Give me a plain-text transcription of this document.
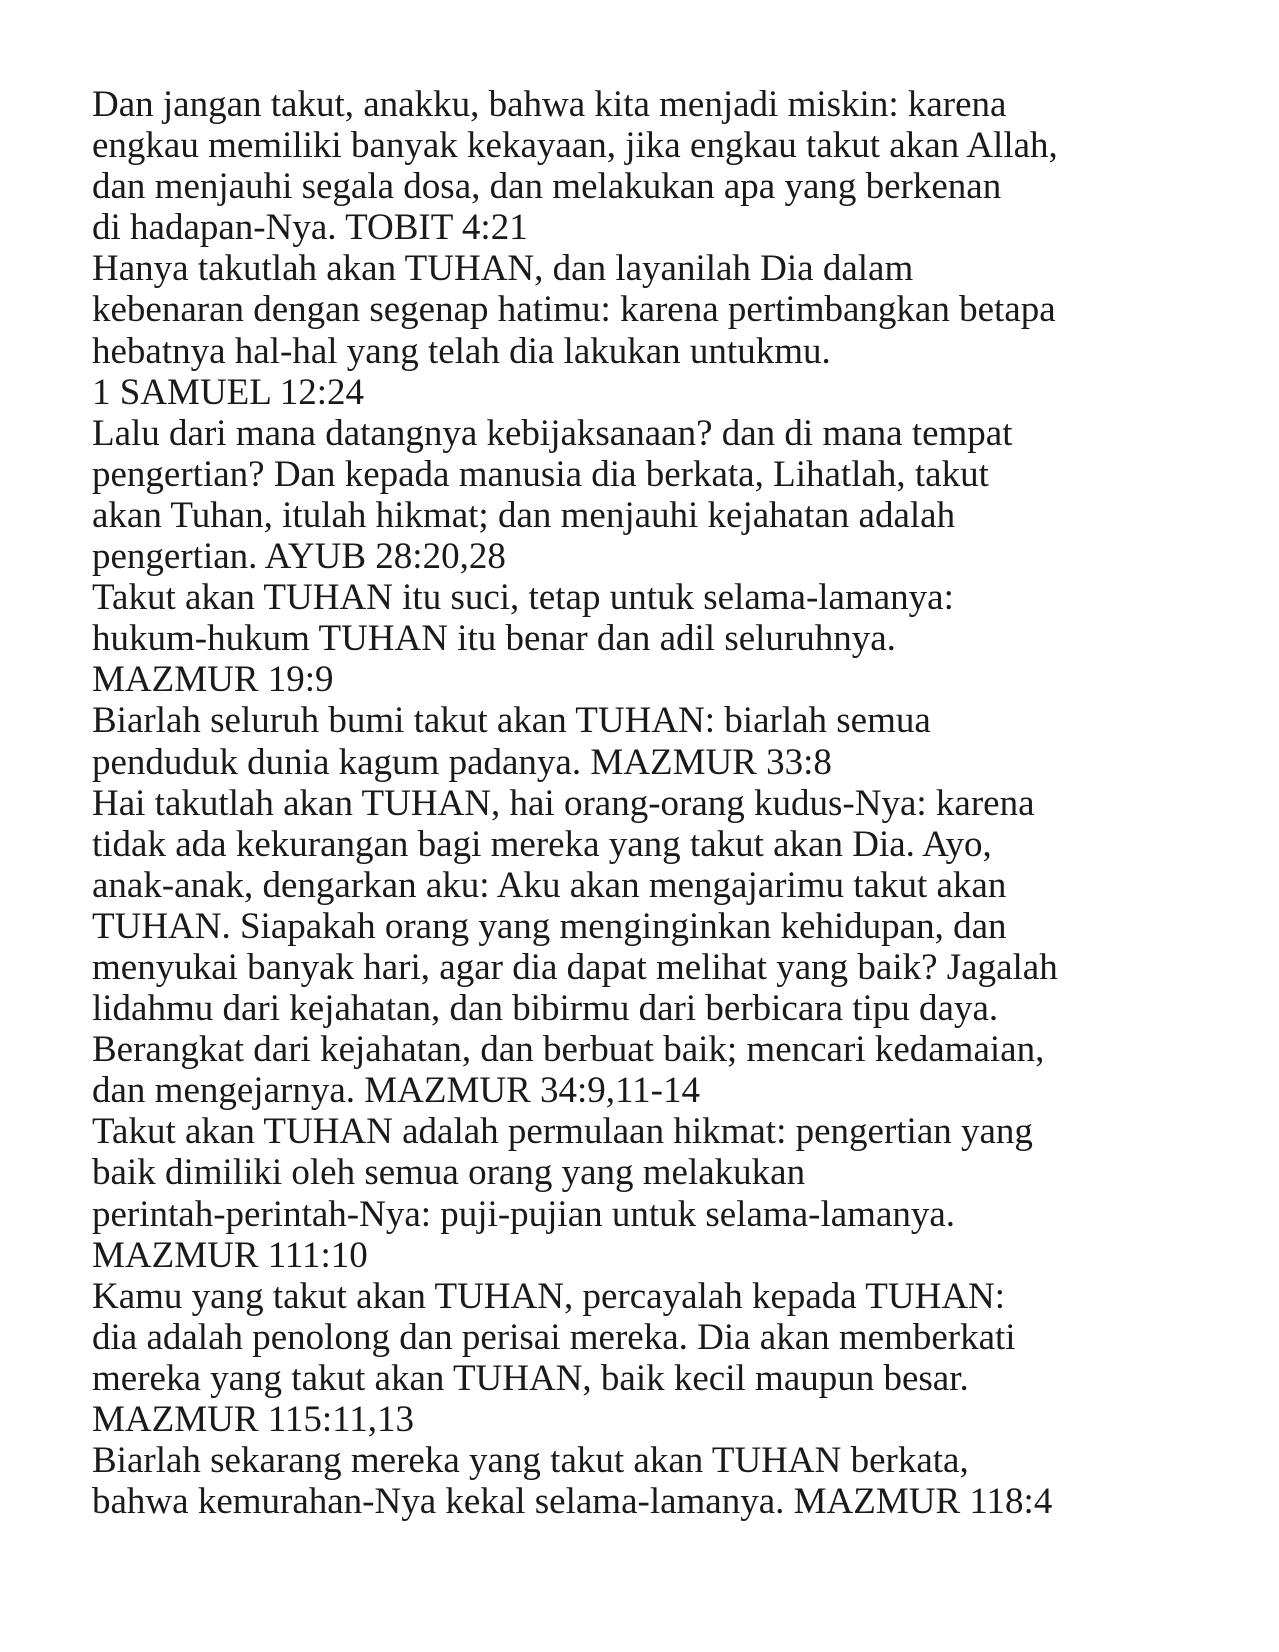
Dan jangan takut, anakku, bahwa kita menjadi miskin: karena
engkau memiliki banyak kekayaan, jika engkau takut akan Allah,
dan menjauhi segala dosa, dan melakukan apa yang berkenan
di hadapan-Nya. TOBIT 4:21
Hanya takutlah akan TUHAN, dan layanilah Dia dalam
kebenaran dengan segenap hatimu: karena pertimbangkan betapa
hebatnya hal-hal yang telah dia lakukan untukmu.
1 SAMUEL 12:24
Lalu dari mana datangnya kebijaksanaan? dan di mana tempat
pengertian? Dan kepada manusia dia berkata, Lihatlah, takut
akan Tuhan, itulah hikmat; dan menjauhi kejahatan adalah
pengertian. AYUB 28:20,28
Takut akan TUHAN itu suci, tetap untuk selama-lamanya:
hukum-hukum TUHAN itu benar dan adil seluruhnya.
MAZMUR 19:9
Biarlah seluruh bumi takut akan TUHAN: biarlah semua
penduduk dunia kagum padanya. MAZMUR 33:8
Hai takutlah akan TUHAN, hai orang-orang kudus-Nya: karena
tidak ada kekurangan bagi mereka yang takut akan Dia. Ayo,
anak-anak, dengarkan aku: Aku akan mengajarimu takut akan
TUHAN. Siapakah orang yang menginginkan kehidupan, dan
menyukai banyak hari, agar dia dapat melihat yang baik? Jagalah
lidahmu dari kejahatan, dan bibirmu dari berbicara tipu daya.
Berangkat dari kejahatan, dan berbuat baik; mencari kedamaian,
dan mengejarnya. MAZMUR 34:9,11-14
Takut akan TUHAN adalah permulaan hikmat: pengertian yang
baik dimiliki oleh semua orang yang melakukan
perintah-perintah-Nya: puji-pujian untuk selama-lamanya.
MAZMUR 111:10
Kamu yang takut akan TUHAN, percayalah kepada TUHAN:
dia adalah penolong dan perisai mereka. Dia akan memberkati
mereka yang takut akan TUHAN, baik kecil maupun besar.
MAZMUR 115:11,13
Biarlah sekarang mereka yang takut akan TUHAN berkata,
bahwa kemurahan-Nya kekal selama-lamanya. MAZMUR 118:4
